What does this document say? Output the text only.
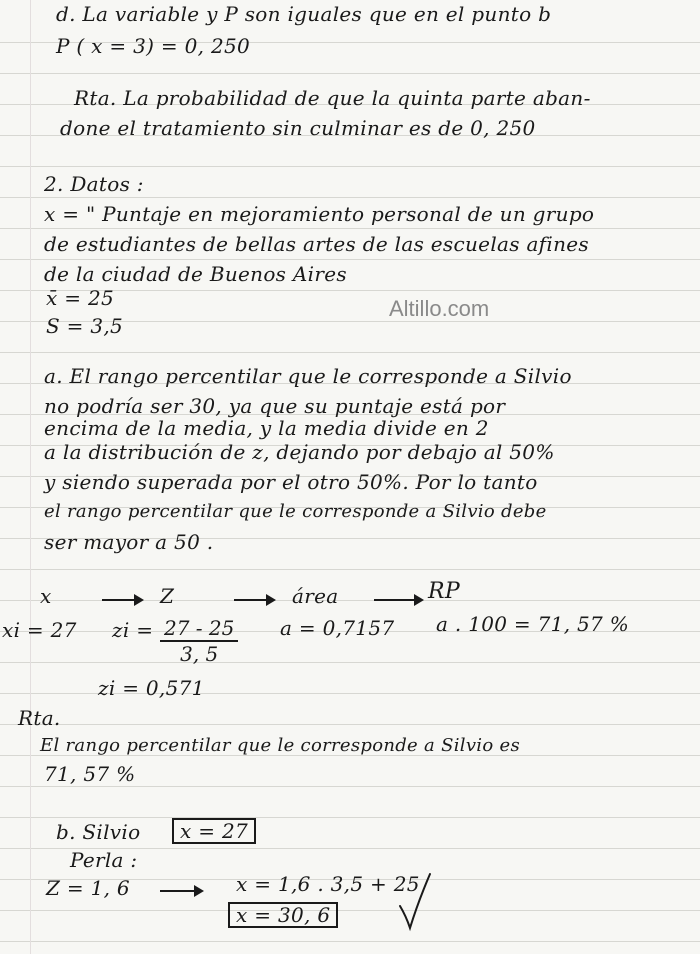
d. La variable y P son iguales que en el punto b
P ( x = 3) = 0, 250
Rta. La probabilidad de que la quinta parte aban-
done el tratamiento sin culminar es de 0, 250
2. Datos :
x = " Puntaje en mejoramiento personal de un grupo
de estudiantes de bellas artes de las escuelas afines
de la ciudad de Buenos Aires
x̄ = 25
S = 3,5
Altillo.com
a. El rango percentilar que le corresponde a Silvio
no podría ser 30, ya que su puntaje está por
encima de la media, y la media divide en 2
a la distribución de z, dejando por debajo al 50%
y siendo superada por el otro 50%. Por lo tanto
el rango percentilar que le corresponde a Silvio debe
ser mayor a 50 .
x	Z	área	RP
xi = 27 zi = $\frac{27 - 25}{3, 5}$ a = 0,7157 a . 100 = 71, 57 %
zi = 0,571
Rta.
El rango percentilar que le corresponde a Silvio es
71, 57 %
b. Silvio	x = 27
Perla :
Z = 1, 6	x = 1,6 . 3,5 + 25
x = 30, 6
